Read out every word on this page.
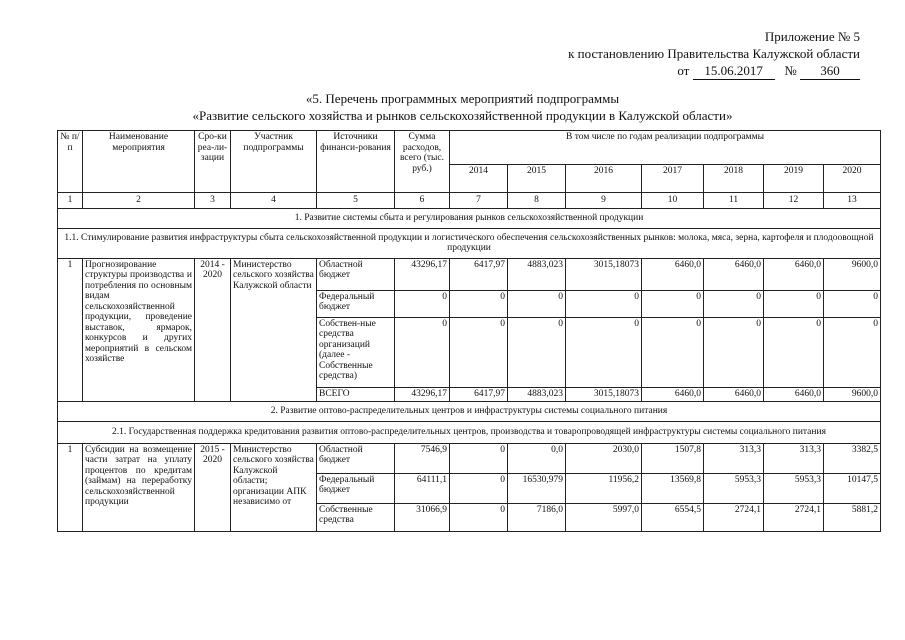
Приложение № 5
к постановлению Правительства Калужской области
от 15.06.2017 № 360
«5. Перечень программных мероприятий подпрограммы
«Развитие сельского хозяйства и рынков сельскохозяйственной продукции в Калужской области»
№ п/п	Наименование мероприятия	Сро-ки реа-ли-зации	Участник подпрограммы	Источники финанси-рования	Сумма расходов, всего (тыс. руб.)	В том числе по годам реализации подпрограммы						
						2014	2015	2016	2017	2018	2019	2020
1	2	3	4	5	6	7	8	9	10	11	12	13
1. Развитие системы сбыта и регулирования рынков сельскохозяйственной продукции												
1.1. Стимулирование развития инфраструктуры сбыта сельскохозяйственной продукции и логистического обеспечения сельскохозяйственных рынков: молока, мяса, зерна, картофеля и плодоовощной продукции												
1	Прогнозирование структуры производства и потребления по основным видам сельскохозяйственной продукции, проведение выставок, ярмарок, конкурсов и других мероприятий в сельском хозяйстве	2014 - 2020	Министерство сельского хозяйства Калужской области	Областной бюджет	43296,17	6417,97	4883,023	3015,18073	6460,0	6460,0	6460,0	9600,0
				Федеральный бюджет	0	0	0	0	0	0	0	0
				Собствен-ные средства организаций (далее - Собственные средства)	0	0	0	0	0	0	0	0
				ВСЕГО	43296,17	6417,97	4883,023	3015,18073	6460,0	6460,0	6460,0	9600,0
2. Развитие оптово-распределительных центров и инфраструктуры системы социального питания												
2.1. Государственная поддержка кредитования развития оптово-распределительных центров, производства и товаропроводящей инфраструктуры системы социального питания												
1	Субсидии на возмещение части затрат на уплату процентов по кредитам (займам) на переработку сельскохозяйственной продукции	2015 - 2020	Министерство сельского хозяйства Калужской области; организации АПК независимо от	Областной бюджет	7546,9	0	0,0	2030,0	1507,8	313,3	313,3	3382,5
				Федеральный бюджет	64111,1	0	16530,979	11956,2	13569,8	5953,3	5953,3	10147,5
				Собственные средства	31066,9	0	7186,0	5997,0	6554,5	2724,1	2724,1	5881,2
